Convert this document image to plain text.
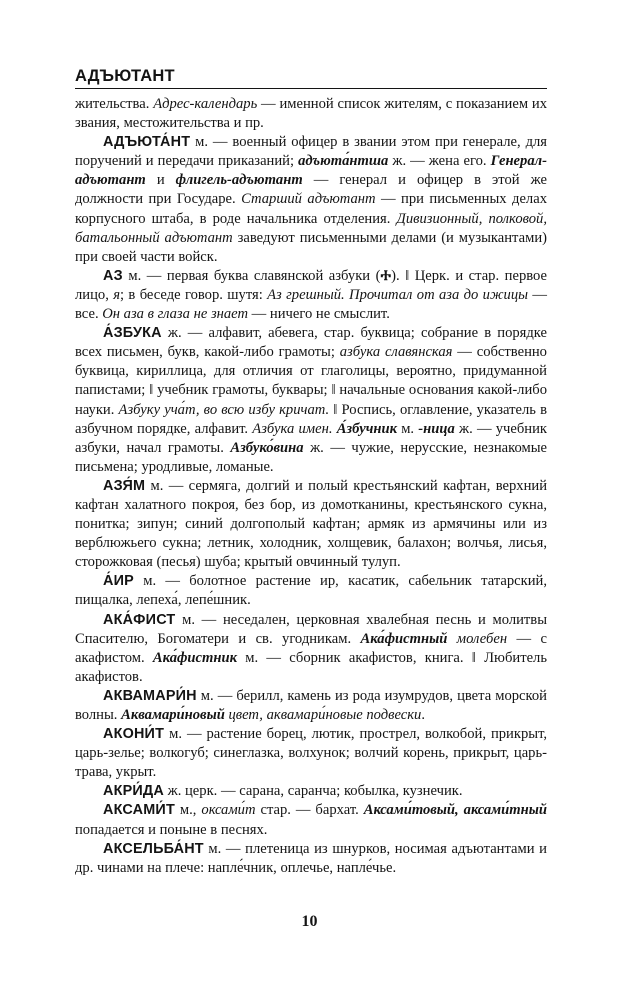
АДЪЮТАНТ

жительства. Адрес-календарь — именной список жителям, с показанием их звания, местожительства и пр.

АДЪЮТА́НТ м. — военный офицер в звании этом при генерале, для поручений и передачи приказаний; адъюта́нтша ж. — жена его. Генерал-адъютант и флигель-адъютант — генерал и офицер в этой же должности при Государе. Старший адъютант — при письменных делах корпусного штаба, в роде начальника отделения. Дивизионный, полковой, батальонный адъютант заведуют письменными делами (и музыкантами) при своей части войск.

АЗ м. — первая буква славянской азбуки (Ⰰ). ‖ Церк. и стар. первое лицо, я; в беседе говор. шутя: Аз грешный. Прочитал от аза до ижицы — все. Он аза в глаза не знает — ничего не смыслит.

А́ЗБУКА ж. — алфавит, абевега, стар. буквица; собрание в порядке всех письмен, букв, какой-либо грамоты; азбука славянская — собственно буквица, кириллица, для отличия от глаголицы, вероятно, придуманной папистами; ‖ учебник грамоты, буквары; ‖ начальные основания какой-либо науки. Азбуку уча́т, во всю избу кричат. ‖ Роспись, оглавление, указатель в азбучном порядке, алфавит. Азбука имен. А́збучник м. -ница ж. — учебник азбуки, начал грамоты. Азбуко́вина ж. — чужие, нерусские, незнакомые письмена; уродливые, ломаные.

АЗЯ́М м. — сермяга, долгий и полый крестьянский кафтан, верхний кафтан халатного покроя, без бор, из домотканины, крестьянского сукна, понитка; зипун; синий долгополый кафтан; армяк из армячины или из верблюжьего сукна; летник, холодник, холщевик, балахон; волчья, лисья, сторожковая (песья) шуба; крытый овчинный тулуп.

А́ИР м. — болотное растение ир, касатик, сабельник татарский, пищалка, лепеха́, лепе́шник.

АКА́ФИСТ м. — неседален, церковная хвалебная песнь и молитвы Спасителю, Богоматери и св. угодникам. Ака́фистный молебен — с акафистом. Ака́фистник м. — сборник акафистов, книга. ‖ Любитель акафистов.

АКВАМАРИ́Н м. — берилл, камень из рода изумрудов, цвета морской волны. Аквамари́новый цвет, аквамари́новые подвески.

АКОНИ́Т м. — растение борец, лютик, прострел, волкобой, прикрыт, царь-зелье; волкогуб; синеглазка, волхунок; волчий корень, прикрыт, царь-трава, укрыт.

АКРИ́ДА ж. церк. — сарана, саранча; кобылка, кузнечик.

АКСАМИ́Т м., оксами́т стар. — бархат. Аксами́товый, аксами́тный попадается и поныне в песнях.

АКСЕЛЬБА́НТ м. — плетеница из шнурков, носимая адъютантами и др. чинами на плече: напле́чник, оплечье, напле́чье.

10
